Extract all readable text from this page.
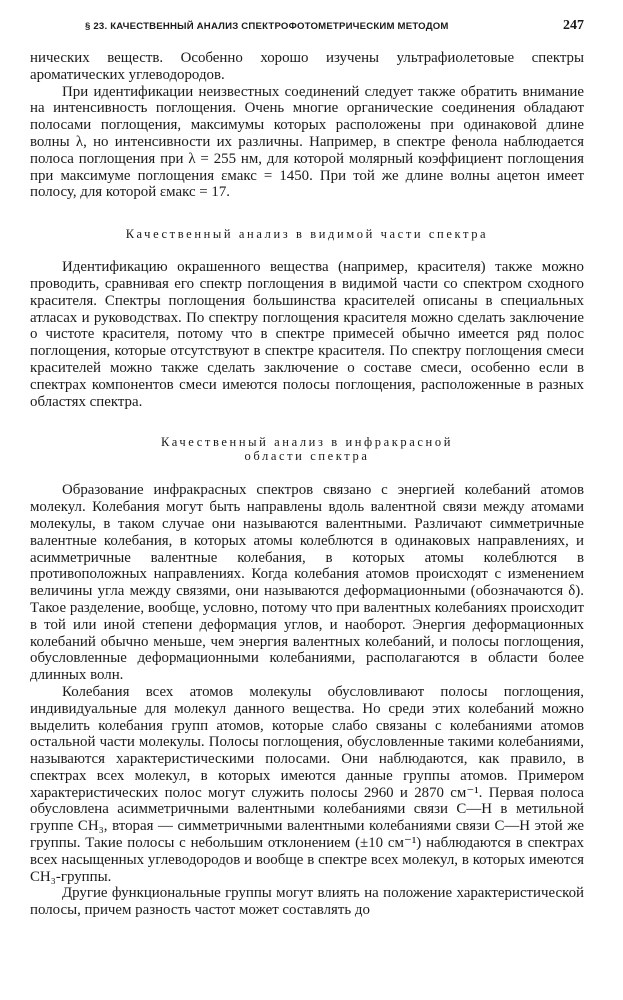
§ 23. КАЧЕСТВЕННЫЙ АНАЛИЗ СПЕКТРОФОТОМЕТРИЧЕСКИМ МЕТОДОМ	247

нических веществ. Особенно хорошо изучены ультрафиолетовые спектры ароматических углеводородов.

При идентификации неизвестных соединений следует также обратить внимание на интенсивность поглощения. Очень многие органические соединения обладают полосами поглощения, максимумы которых расположены при одинаковой длине волны λ, но интенсивности их различны. Например, в спектре фенола наблюдается полоса поглощения при λ = 255 нм, для которой молярный коэффициент поглощения при максимуме поглощения εмакс = 1450. При той же длине волны ацетон имеет полосу, для которой εмакс = 17.

Качественный анализ в видимой части спектра

Идентификацию окрашенного вещества (например, красителя) также можно проводить, сравнивая его спектр поглощения в видимой части со спектром сходного красителя. Спектры поглощения большинства красителей описаны в специальных атласах и руководствах. По спектру поглощения красителя можно сделать заключение о чистоте красителя, потому что в спектре примесей обычно имеется ряд полос поглощения, которые отсутствуют в спектре красителя. По спектру поглощения смеси красителей можно также сделать заключение о составе смеси, особенно если в спектрах компонентов смеси имеются полосы поглощения, расположенные в разных областях спектра.

Качественный анализ в инфракрасной
области спектра

Образование инфракрасных спектров связано с энергией колебаний атомов молекул. Колебания могут быть направлены вдоль валентной связи между атомами молекулы, в таком случае они называются валентными. Различают симметричные валентные колебания, в которых атомы колеблются в одинаковых направлениях, и асимметричные валентные колебания, в которых атомы колеблются в противоположных направлениях. Когда колебания атомов происходят с изменением величины угла между связями, они называются деформационными (обозначаются δ). Такое разделение, вообще, условно, потому что при валентных колебаниях происходит в той или иной степени деформация углов, и наоборот. Энергия деформационных колебаний обычно меньше, чем энергия валентных колебаний, и полосы поглощения, обусловленные деформационными колебаниями, располагаются в области более длинных волн.

Колебания всех атомов молекулы обусловливают полосы поглощения, индивидуальные для молекул данного вещества. Но среди этих колебаний можно выделить колебания групп атомов, которые слабо связаны с колебаниями атомов остальной части молекулы. Полосы поглощения, обусловленные такими колебаниями, называются характеристическими полосами. Они наблюдаются, как правило, в спектрах всех молекул, в которых имеются данные группы атомов. Примером характеристических полос могут служить полосы 2960 и 2870 см⁻¹. Первая полоса обусловлена асимметричными валентными колебаниями связи С—Н в метильной группе СН₃, вторая — симметричными валентными колебаниями связи С—Н этой же группы. Такие полосы с небольшим отклонением (±10 см⁻¹) наблюдаются в спектрах всех насыщенных углеводородов и вообще в спектре всех молекул, в которых имеются СН₃-группы.

Другие функциональные группы могут влиять на положение характеристической полосы, причем разность частот может составлять до
